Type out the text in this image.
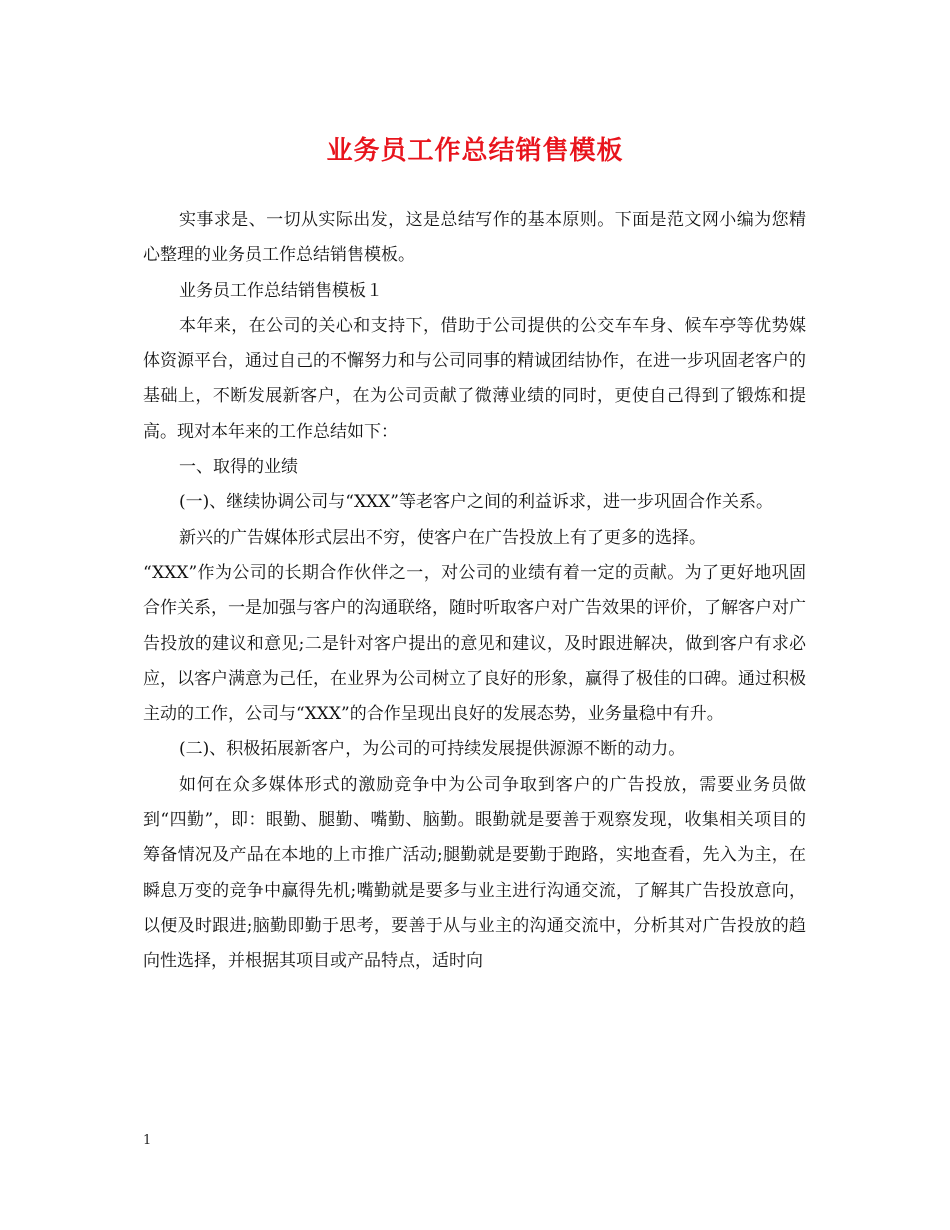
业务员工作总结销售模板

实事求是、一切从实际出发，这是总结写作的基本原则。下面是范文网小编为您精心整理的业务员工作总结销售模板。

业务员工作总结销售模板１

本年来，在公司的关心和支持下，借助于公司提供的公交车车身、候车亭等优势媒体资源平台，通过自己的不懈努力和与公司同事的精诚团结协作，在进一步巩固老客户的基础上，不断发展新客户，在为公司贡献了微薄业绩的同时，更使自己得到了锻炼和提高。现对本年来的工作总结如下：

一、取得的业绩

(一)、继续协调公司与“XXX”等老客户之间的利益诉求，进一步巩固合作关系。

新兴的广告媒体形式层出不穷，使客户在广告投放上有了更多的选择。

“XXX”作为公司的长期合作伙伴之一，对公司的业绩有着一定的贡献。为了更好地巩固合作关系，一是加强与客户的沟通联络，随时听取客户对广告效果的评价，了解客户对广告投放的建议和意见;二是针对客户提出的意见和建议，及时跟进解决，做到客户有求必应，以客户满意为己任，在业界为公司树立了良好的形象，赢得了极佳的口碑。通过积极主动的工作，公司与“XXX”的合作呈现出良好的发展态势，业务量稳中有升。

(二)、积极拓展新客户，为公司的可持续发展提供源源不断的动力。

如何在众多媒体形式的激励竞争中为公司争取到客户的广告投放，需要业务员做到“四勤”，即：眼勤、腿勤、嘴勤、脑勤。眼勤就是要善于观察发现，收集相关项目的筹备情况及产品在本地的上市推广活动;腿勤就是要勤于跑路，实地查看，先入为主，在瞬息万变的竞争中赢得先机;嘴勤就是要多与业主进行沟通交流，了解其广告投放意向，以便及时跟进;脑勤即勤于思考，要善于从与业主的沟通交流中，分析其对广告投放的趋向性选择，并根据其项目或产品特点，适时向

1
